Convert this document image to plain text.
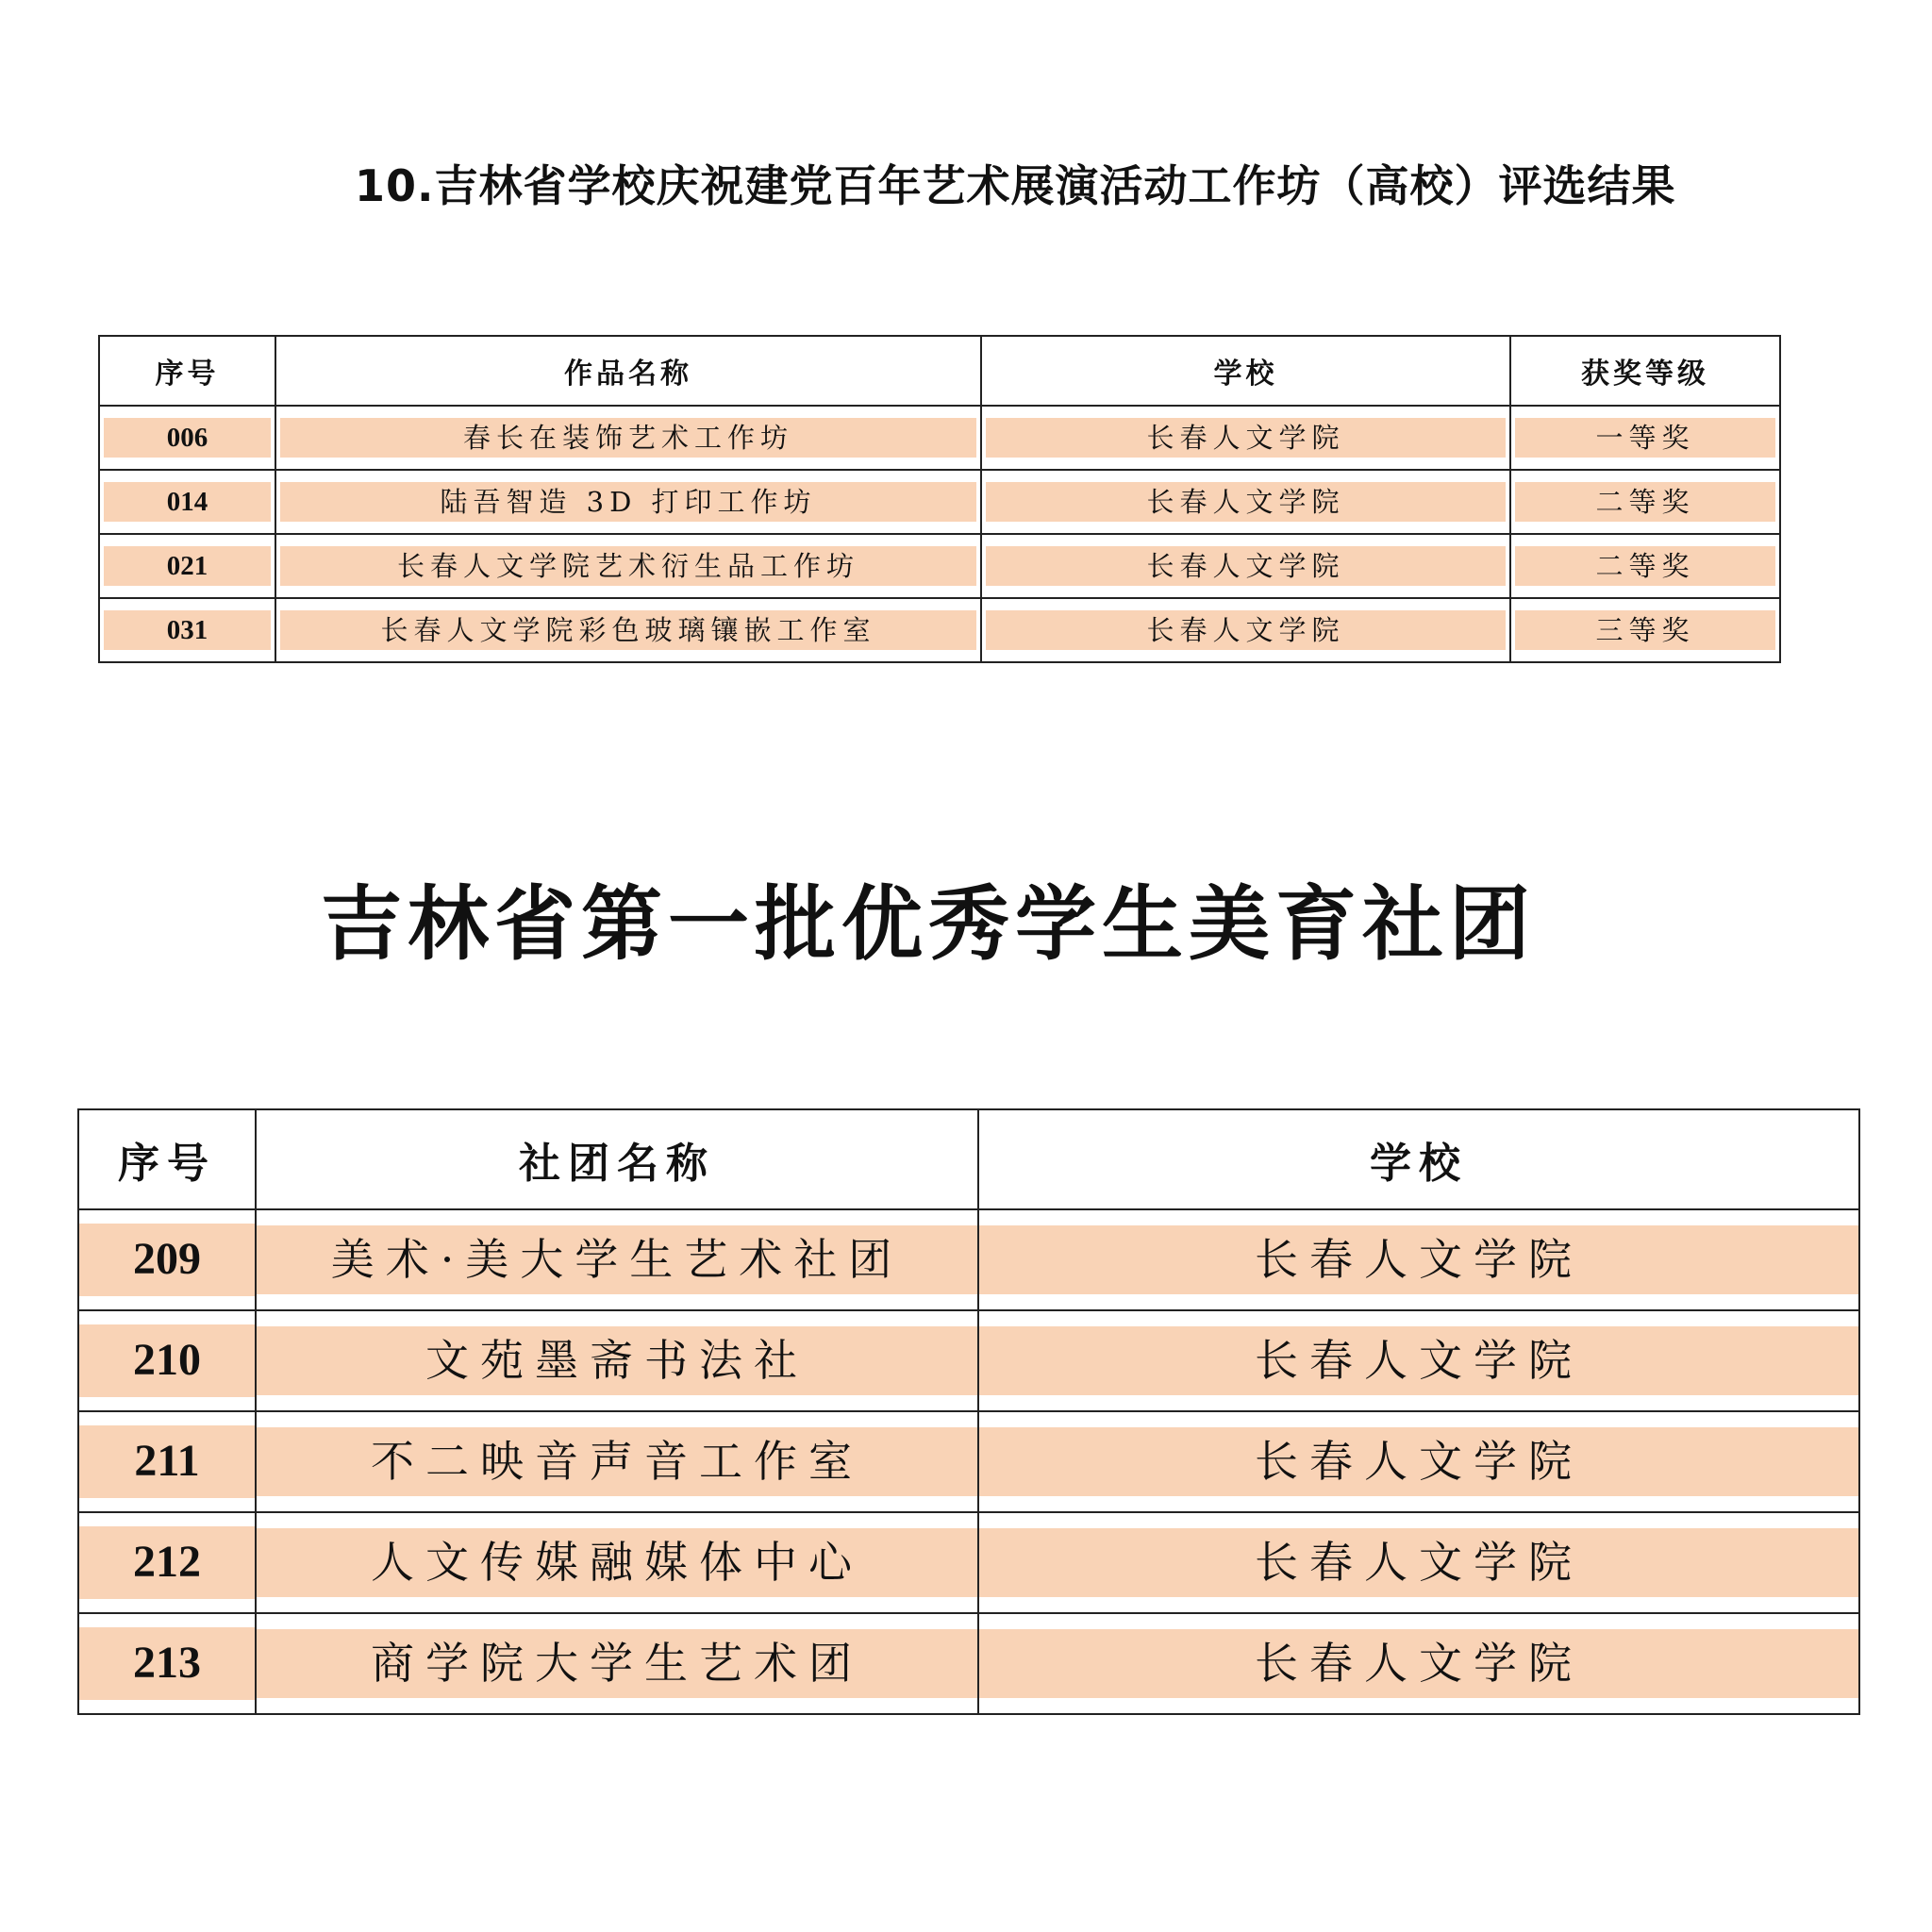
10.吉林省学校庆祝建党百年艺术展演活动工作坊（高校）评选结果
序号	作品名称	学校	获奖等级

006	春长在装饰艺术工作坊	长春人文学院	一等奖

014	陆吾智造 3D 打印工作坊	长春人文学院	二等奖

021	长春人文学院艺术衍生品工作坊	长春人文学院	二等奖

031	长春人文学院彩色玻璃镶嵌工作室	长春人文学院	三等奖
吉林省第一批优秀学生美育社团
序号	社团名称	学校

209	美术·美大学生艺术社团	长春人文学院

210	文苑墨斋书法社	长春人文学院

211	不二映音声音工作室	长春人文学院

212	人文传媒融媒体中心	长春人文学院

213	商学院大学生艺术团	长春人文学院
